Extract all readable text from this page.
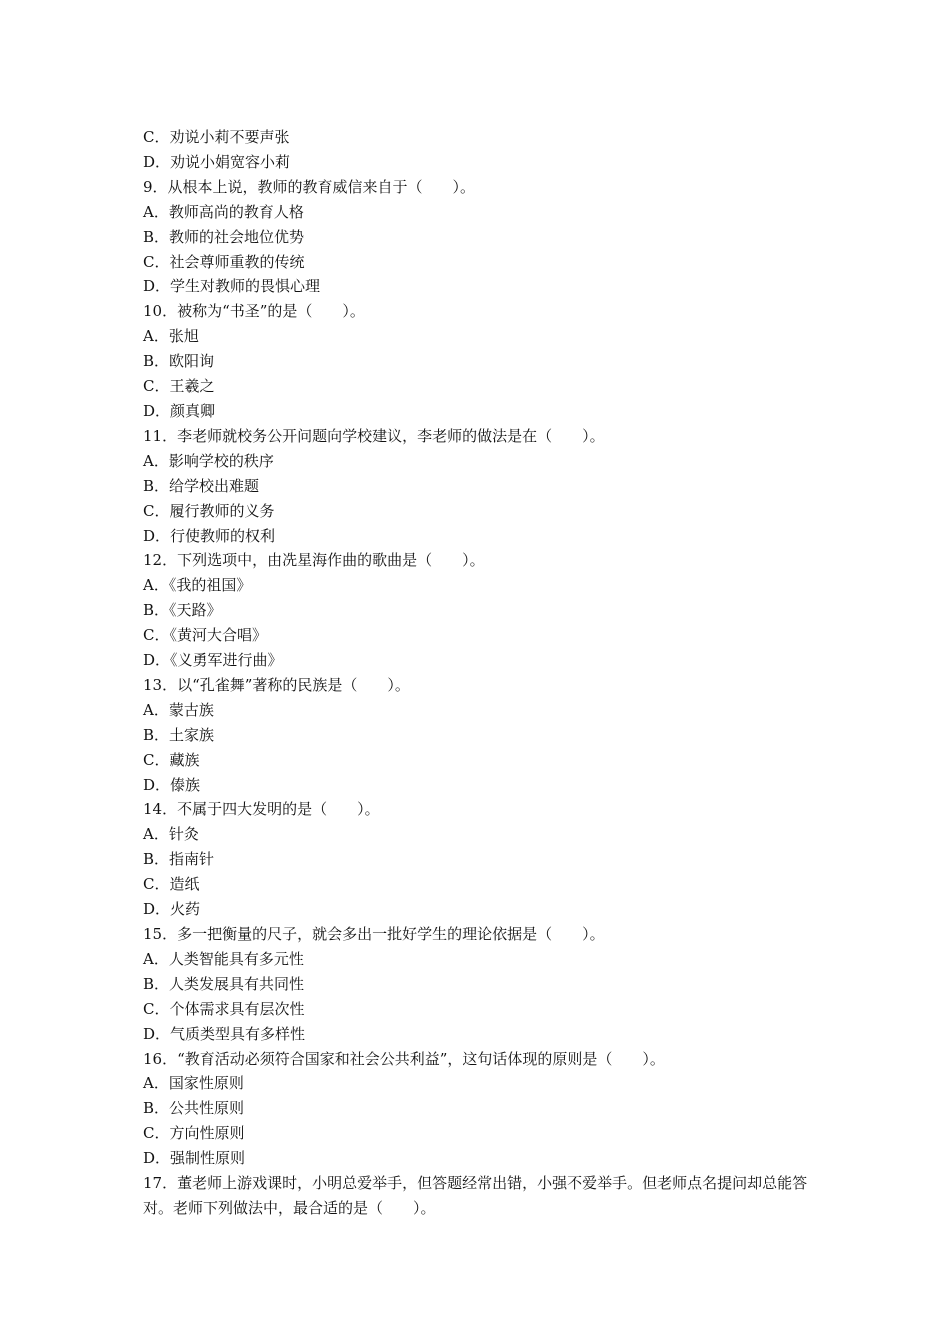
C．劝说小莉不要声张

D．劝说小娟宽容小莉

9．从根本上说，教师的教育威信来自于（　　）。

A．教师高尚的教育人格

B．教师的社会地位优势

C．社会尊师重教的传统

D．学生对教师的畏惧心理

10．被称为“书圣”的是（　　）。

A．张旭

B．欧阳询

C．王羲之

D．颜真卿

11．李老师就校务公开问题向学校建议，李老师的做法是在（　　）。

A．影响学校的秩序

B．给学校出难题

C．履行教师的义务

D．行使教师的权利

12．下列选项中，由冼星海作曲的歌曲是（　　）。

A．《我的祖国》

B．《天路》

C．《黄河大合唱》

D．《义勇军进行曲》

13．以“孔雀舞”著称的民族是（　　）。

A．蒙古族

B．土家族

C．藏族

D．傣族

14．不属于四大发明的是（　　）。

A．针灸

B．指南针

C．造纸

D．火药

15．多一把衡量的尺子，就会多出一批好学生的理论依据是（　　）。

A．人类智能具有多元性

B．人类发展具有共同性

C．个体需求具有层次性

D．气质类型具有多样性

16．“教育活动必须符合国家和社会公共利益”，这句话体现的原则是（　　）。

A．国家性原则

B．公共性原则

C．方向性原则

D．强制性原则

17．董老师上游戏课时，小明总爱举手，但答题经常出错，小强不爱举手。但老师点名提问却总能答对。老师下列做法中，最合适的是（　　）。
